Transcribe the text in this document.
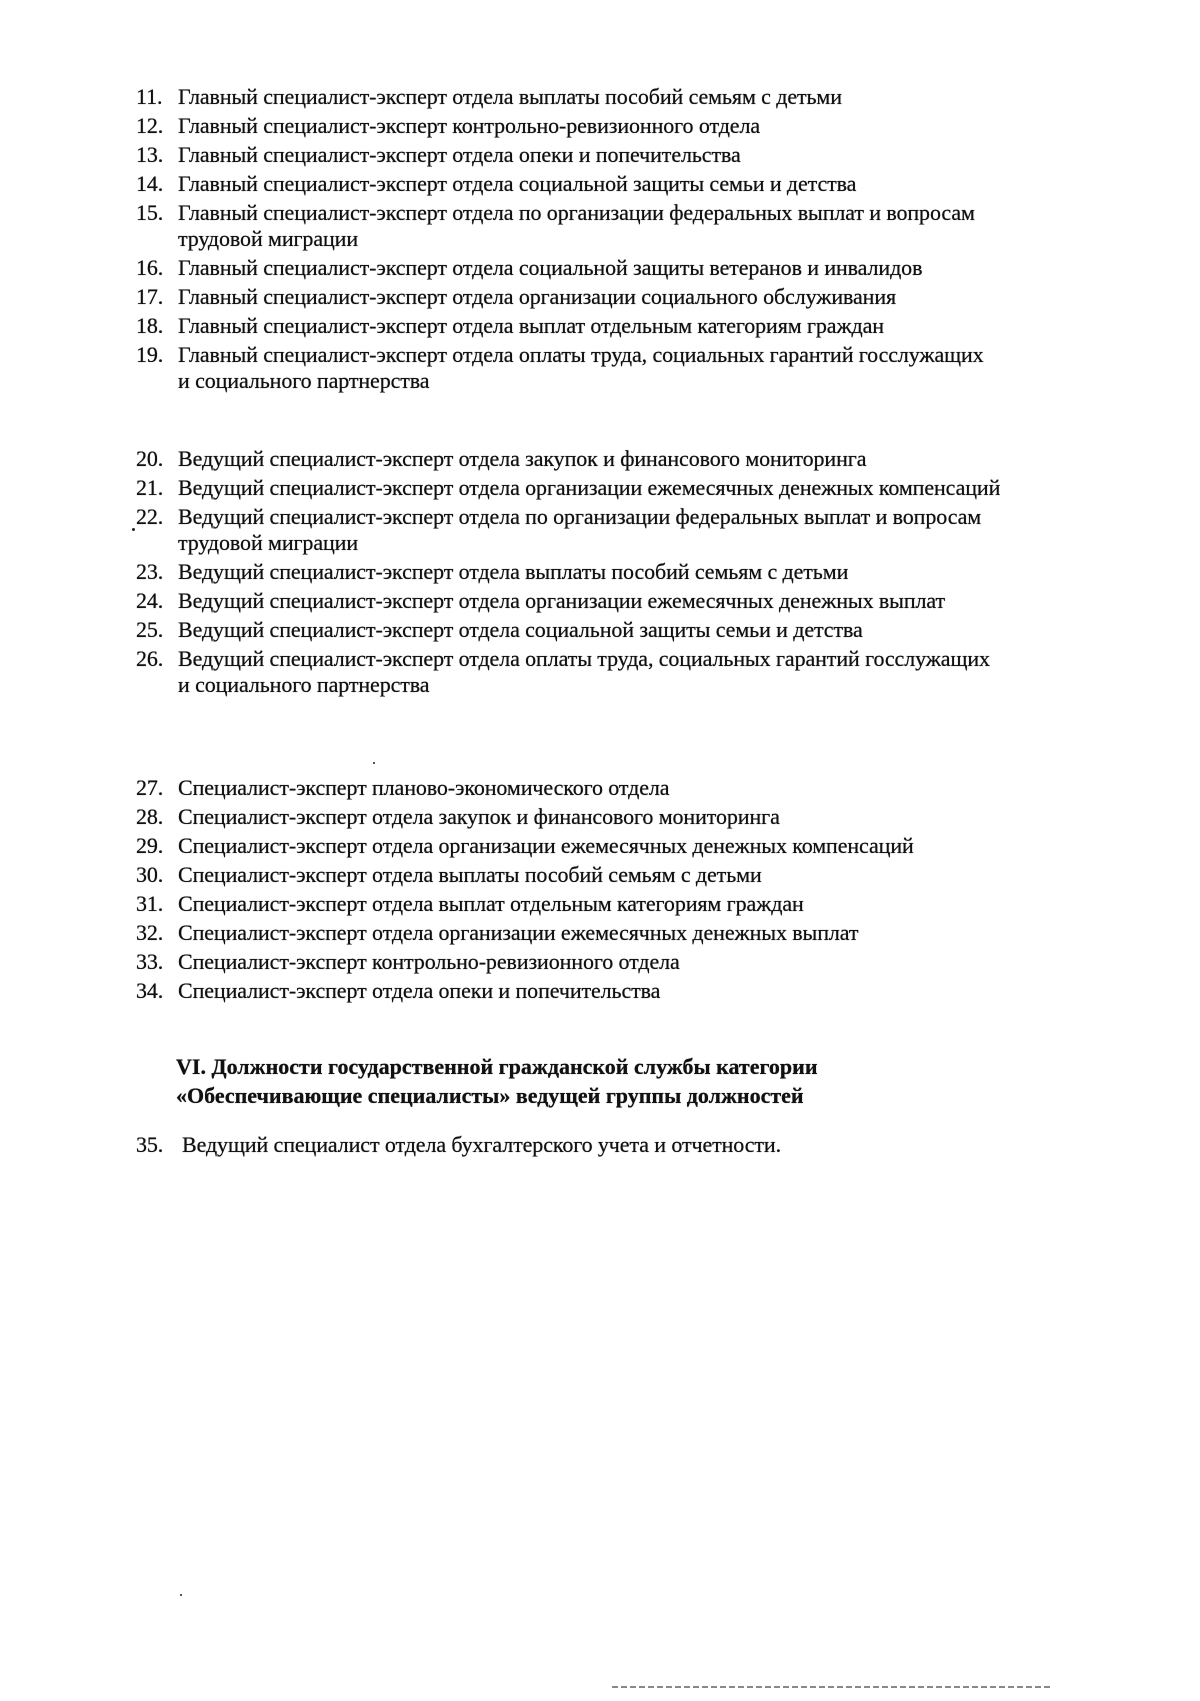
11. Главный специалист-эксперт отдела выплаты пособий семьям с детьми
12. Главный специалист-эксперт контрольно-ревизионного отдела
13. Главный специалист-эксперт отдела опеки и попечительства
14. Главный специалист-эксперт отдела социальной защиты семьи и детства
15. Главный специалист-эксперт отдела по организации федеральных выплат и вопросам трудовой миграции
16. Главный специалист-эксперт отдела социальной защиты ветеранов и инвалидов
17. Главный специалист-эксперт отдела организации социального обслуживания
18. Главный специалист-эксперт отдела выплат отдельным категориям граждан
19. Главный специалист-эксперт отдела оплаты труда, социальных гарантий госслужащих и социального партнерства
20. Ведущий специалист-эксперт отдела закупок и финансового мониторинга
21. Ведущий специалист-эксперт отдела организации ежемесячных денежных компенсаций
22. Ведущий специалист-эксперт отдела по организации федеральных выплат и вопросам трудовой миграции
23. Ведущий специалист-эксперт отдела выплаты пособий семьям с детьми
24. Ведущий специалист-эксперт отдела организации ежемесячных денежных выплат
25. Ведущий специалист-эксперт отдела социальной защиты семьи и детства
26. Ведущий специалист-эксперт отдела оплаты труда, социальных гарантий госслужащих и социального партнерства
27. Специалист-эксперт планово-экономического отдела
28. Специалист-эксперт отдела закупок и финансового мониторинга
29. Специалист-эксперт отдела организации ежемесячных денежных компенсаций
30. Специалист-эксперт отдела выплаты пособий семьям с детьми
31. Специалист-эксперт отдела выплат отдельным категориям граждан
32. Специалист-эксперт отдела организации ежемесячных денежных выплат
33. Специалист-эксперт контрольно-ревизионного отдела
34. Специалист-эксперт отдела опеки и попечительства
VI. Должности государственной гражданской службы категории
«Обеспечивающие специалисты» ведущей группы должностей
35. Ведущий специалист отдела бухгалтерского учета и отчетности.
